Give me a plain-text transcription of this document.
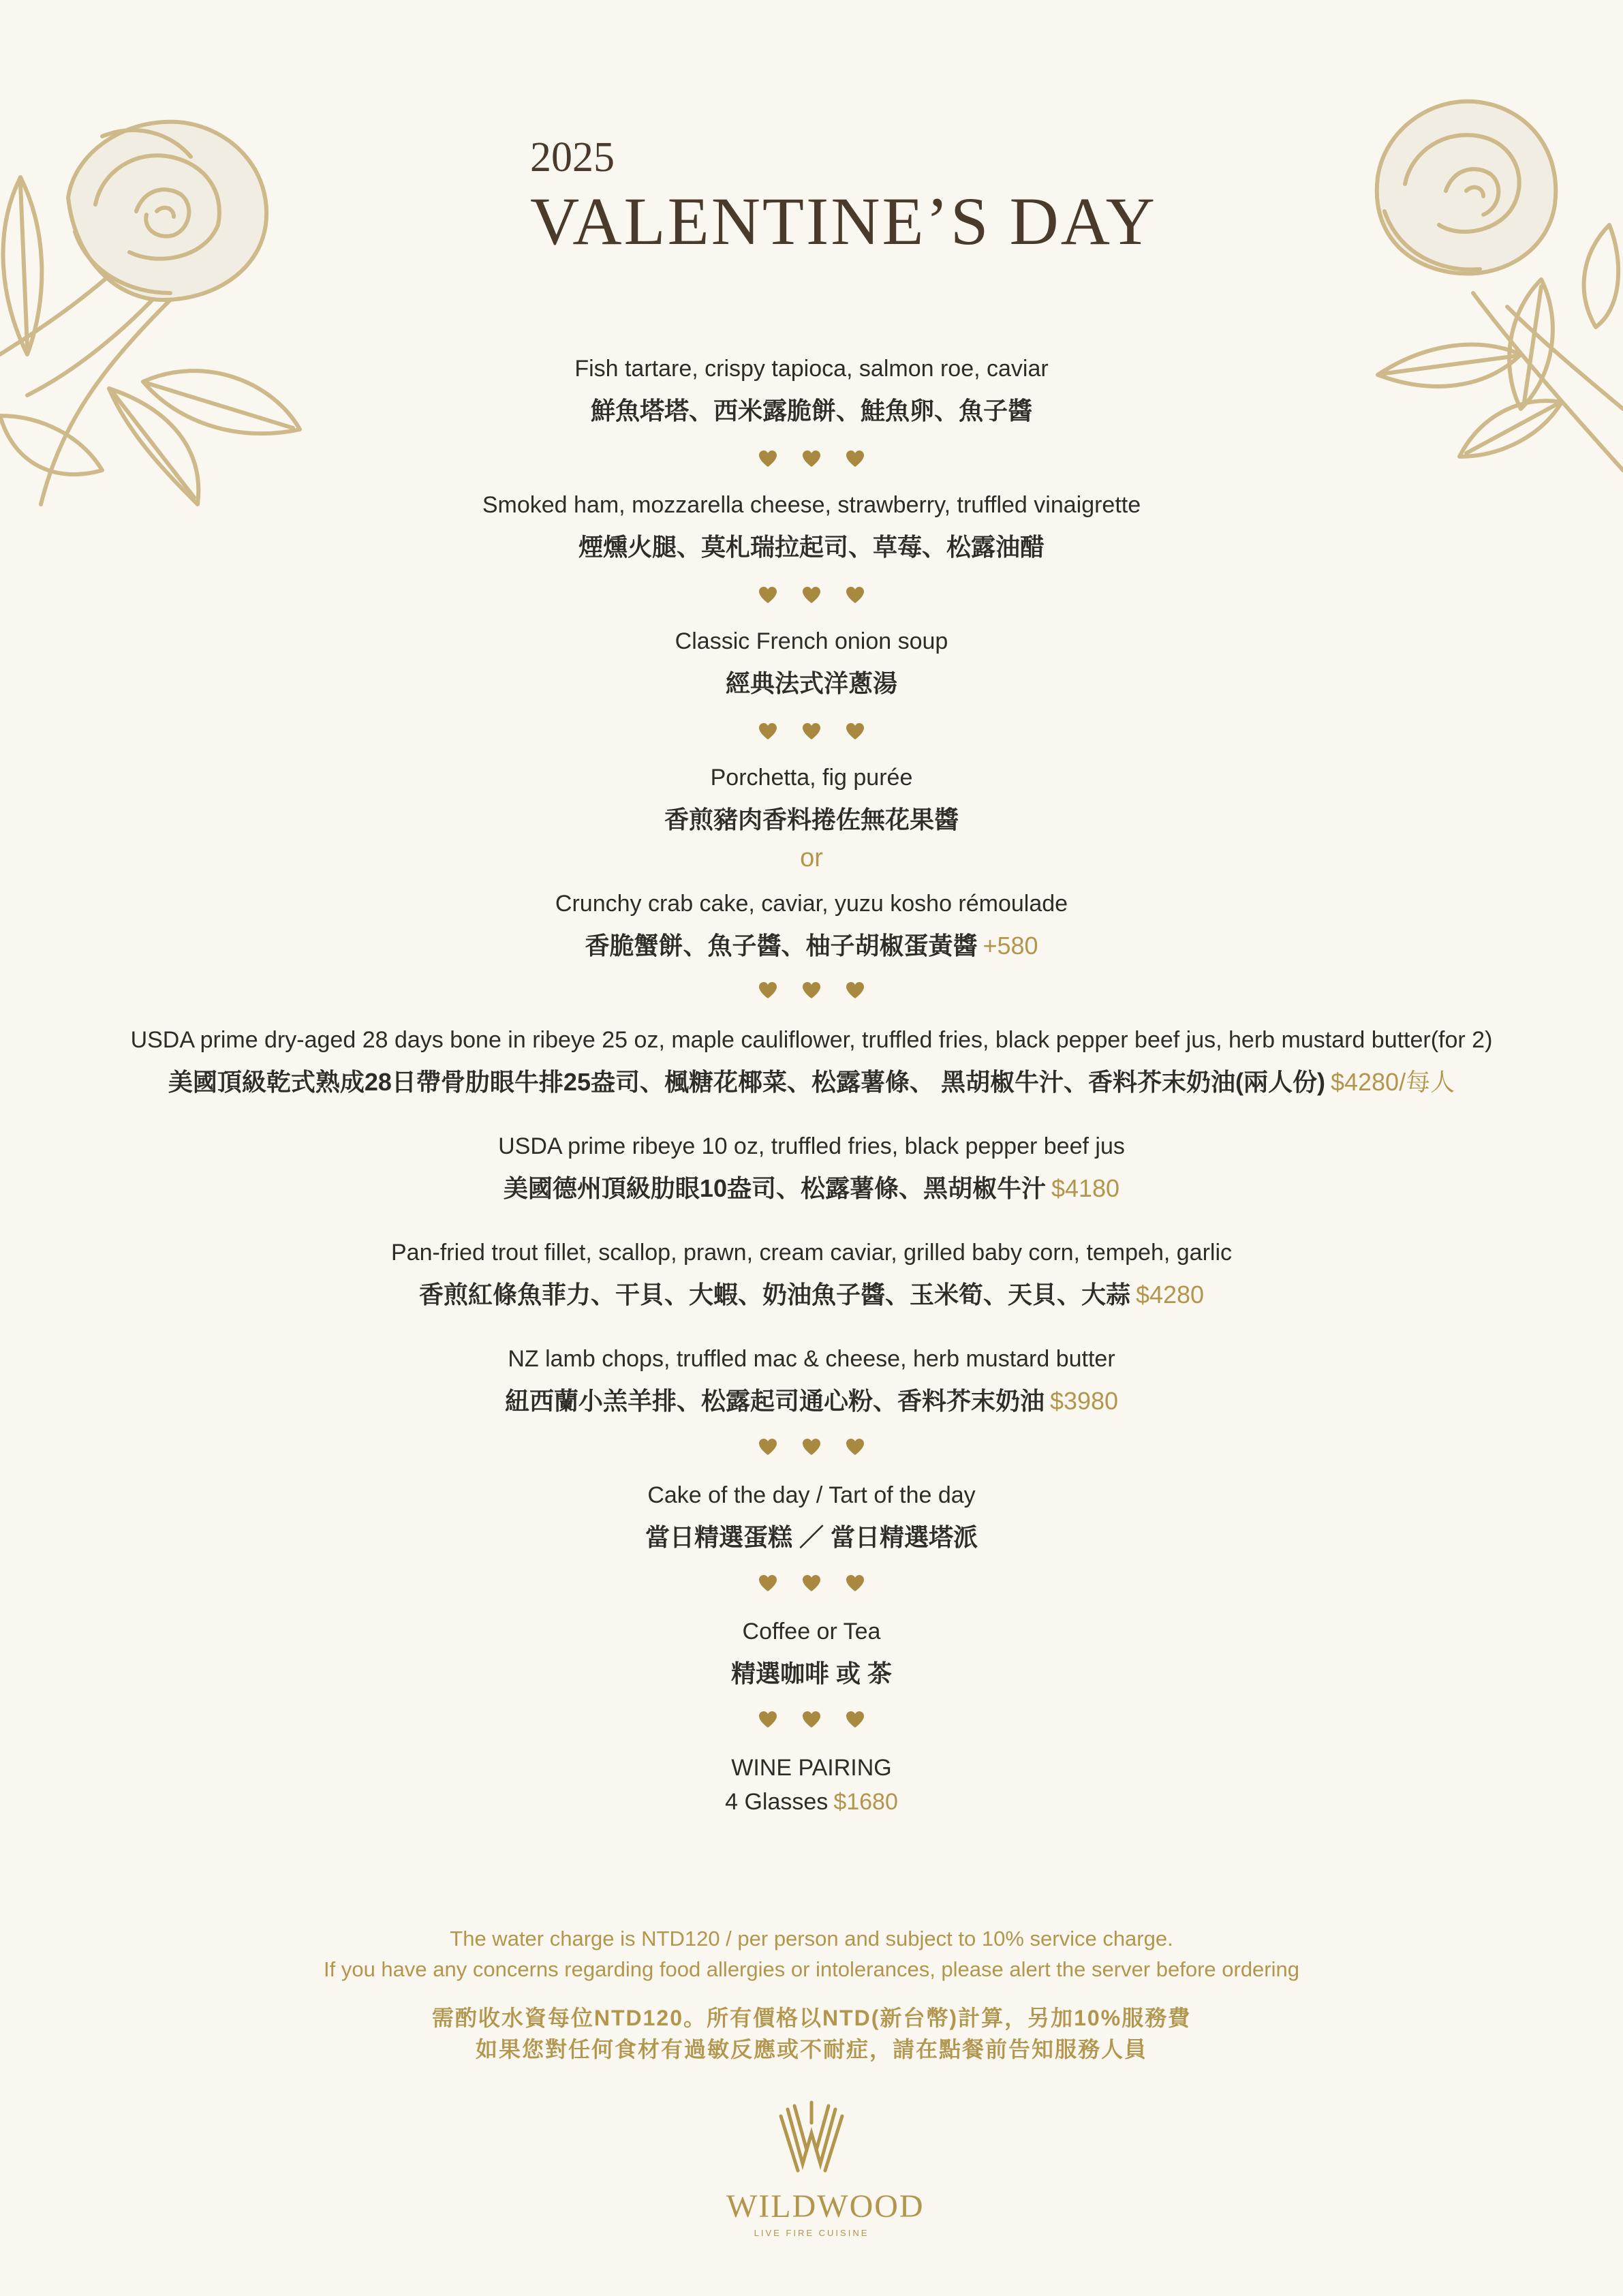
2025
VALENTINE’S DAY
Fish tartare, crispy tapioca, salmon roe, caviar
鮮魚塔塔、西米露脆餅、鮭魚卵、魚子醬
Smoked ham, mozzarella cheese, strawberry, truffled vinaigrette
煙燻火腿、莫札瑞拉起司、草莓、松露油醋
Classic French onion soup
經典法式洋蔥湯
Porchetta, fig purée
香煎豬肉香料捲佐無花果醬
or
Crunchy crab cake, caviar, yuzu kosho rémoulade
香脆蟹餅、魚子醬、柚子胡椒蛋黃醬 +580
USDA prime dry-aged 28 days bone in ribeye 25 oz, maple cauliflower, truffled fries, black pepper beef jus, herb mustard butter(for 2)
美國頂級乾式熟成28日帶骨肋眼牛排25盎司、楓糖花椰菜、松露薯條、 黑胡椒牛汁、香料芥末奶油(兩人份) $4280/每人
USDA prime ribeye 10 oz, truffled fries, black pepper beef jus
美國德州頂級肋眼10盎司、松露薯條、黑胡椒牛汁 $4180
Pan-fried trout fillet, scallop, prawn, cream caviar, grilled baby corn, tempeh, garlic
香煎紅條魚菲力、干貝、大蝦、奶油魚子醬、玉米筍、天貝、大蒜 $4280
NZ lamb chops, truffled mac & cheese, herb mustard butter
紐西蘭小羔羊排、松露起司通心粉、香料芥末奶油 $3980
Cake of the day / Tart of the day
當日精選蛋糕 ／ 當日精選塔派
Coffee or Tea
精選咖啡 或 茶
WINE PAIRING
4 Glasses $1680
The water charge is NTD120 / per person and subject to 10% service charge.
If you have any concerns regarding food allergies or intolerances, please alert the server before ordering
需酌收水資每位NTD120。所有價格以NTD(新台幣)計算，另加10%服務費
如果您對任何食材有過敏反應或不耐症，請在點餐前告知服務人員
WILDWOOD
LIVE FIRE CUISINE
